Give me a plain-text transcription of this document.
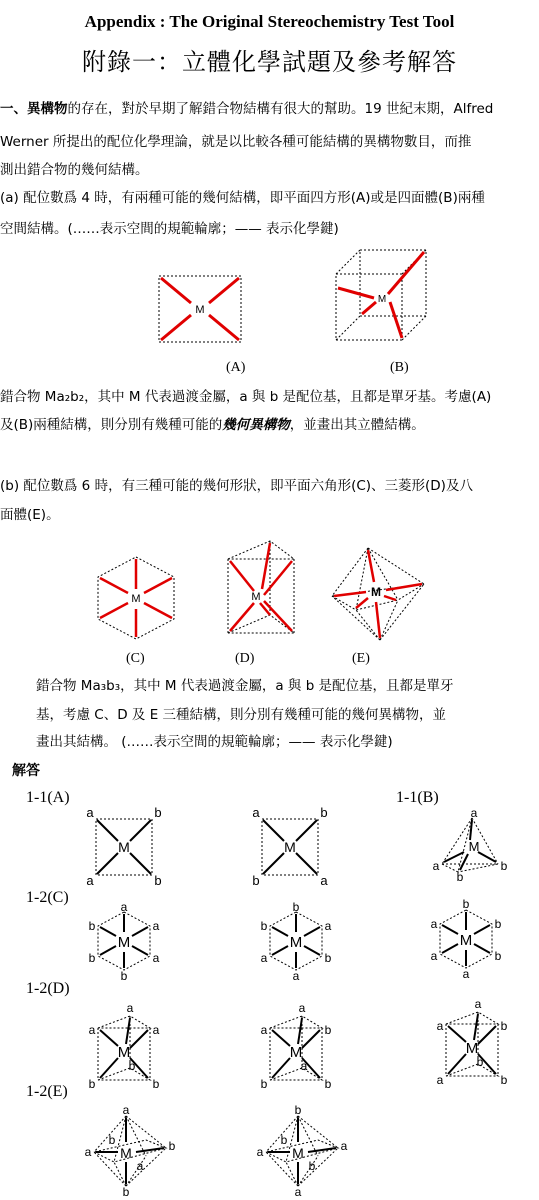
Appendix : The Original Stereochemistry Test Tool
附錄一：立體化學試題及參考解答
一、異構物的存在，對於早期了解錯合物結構有很大的幫助。19 世紀末期，Alfred
Werner 所提出的配位化學理論，就是以比較各種可能結構的異構物數目，而推
測出錯合物的幾何結構。
(a) 配位數爲 4 時，有兩種可能的幾何結構，即平面四方形(A)或是四面體(B)兩種
空間結構。(……表示空間的規範輪廓；—— 表示化學鍵)
M
(A)
M
(B)
錯合物 Ma₂b₂，其中 M 代表過渡金屬，a 與 b 是配位基，且都是單牙基。考慮(A)
及(B)兩種結構，則分別有幾種可能的幾何異構物，並畫出其立體結構。
(b) 配位數爲 6 時，有三種可能的幾何形狀，即平面六角形(C)、三菱形(D)及八
面體(E)。
M
(C)
M
(D)
M
(E)
錯合物 Ma₃b₃，其中 M 代表過渡金屬，a 與 b 是配位基，且都是單牙
基，考慮 C、D 及 E 三種結構，則分別有幾種可能的幾何異構物，並
畫出其結構。 (……表示空間的規範輪廓；—— 表示化學鍵)
解答
1-1(A)	1-1(B)
1-2(C)
1-2(D)
1-2(E)
M
a	b
a	b
M
a	b
b	a
M
a
a	b
b
M
a
a
a
b
b
b
M
b
a
b
b
a
a
M
b
b
b
a
a
a
M
a
a	a
b
b
b
M
a
a	b
b
a
b
M
a
a	b
a
b
b
M
a
b
a	b
a
b
M
b
b
a	a
b
a
